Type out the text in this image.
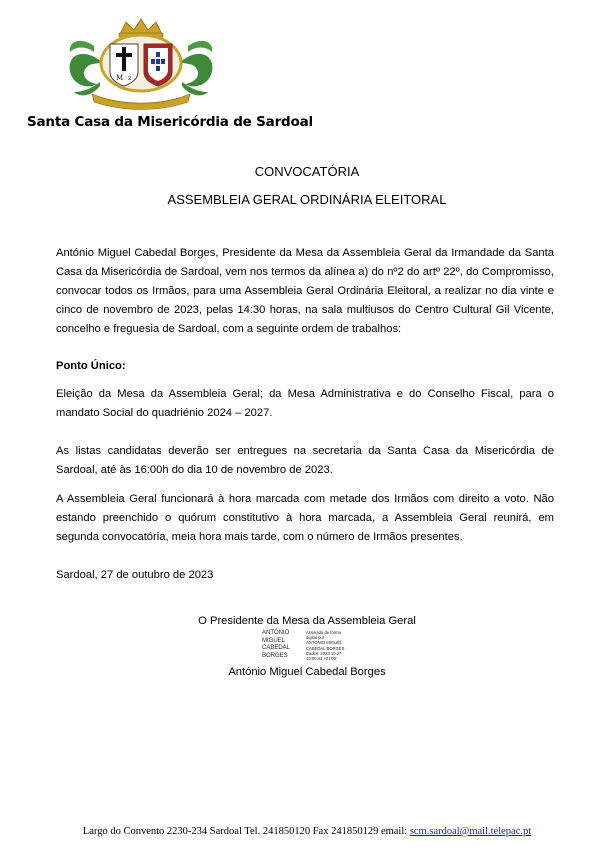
M z
Santa Casa da Misericórdia de Sardoal
CONVOCATÓRIA
ASSEMBLEIA GERAL ORDINÁRIA ELEITORAL
António Miguel Cabedal Borges, Presidente da Mesa da Assembleia Geral da Irmandade da Santa Casa da Misericórdia de Sardoal, vem nos termos da alínea a) do nº2 do artº 22º, do Compromisso, convocar todos os Irmãos, para uma Assembleia Geral Ordinária Eleitoral, a realizar no dia vinte e cinco de novembro de 2023, pelas 14:30 horas, na sala multiusos do Centro Cultural Gil Vicente, concelho e freguesia de Sardoal, com a seguinte ordem de trabalhos:
Ponto Único:
Eleição da Mesa da Assembleia Geral; da Mesa Administrativa e do Conselho Fiscal, para o mandato Social do quadriénio 2024 – 2027.
As listas candidatas deverão ser entregues na secretaria da Santa Casa da Misericórdia de Sardoal, até às 16:00h do dia 10 de novembro de 2023.
A Assembleia Geral funcionará à hora marcada com metade dos Irmãos com direito a voto. Não estando preenchido o quórum constitutivo à hora marcada, a Assembleia Geral reunirá, em segunda convocatória, meia hora mais tarde, com o número de Irmãos presentes.
Sardoal, 27 de outubro de 2023
O Presidente da Mesa da Assembleia Geral
ANTÓNIO
MIGUEL
CABEDAL
BORGES
Assinado de forma
digital por
ANTÓNIO MIGUEL
CABEDAL BORGES
Dados: 2023.10.27
10:00:44 +01'00'
António Miguel Cabedal Borges
Largo do Convento 2230-234 Sardoal Tel. 241850120 Fax 241850129 email: scm.sardoal@mail.telepac.pt
